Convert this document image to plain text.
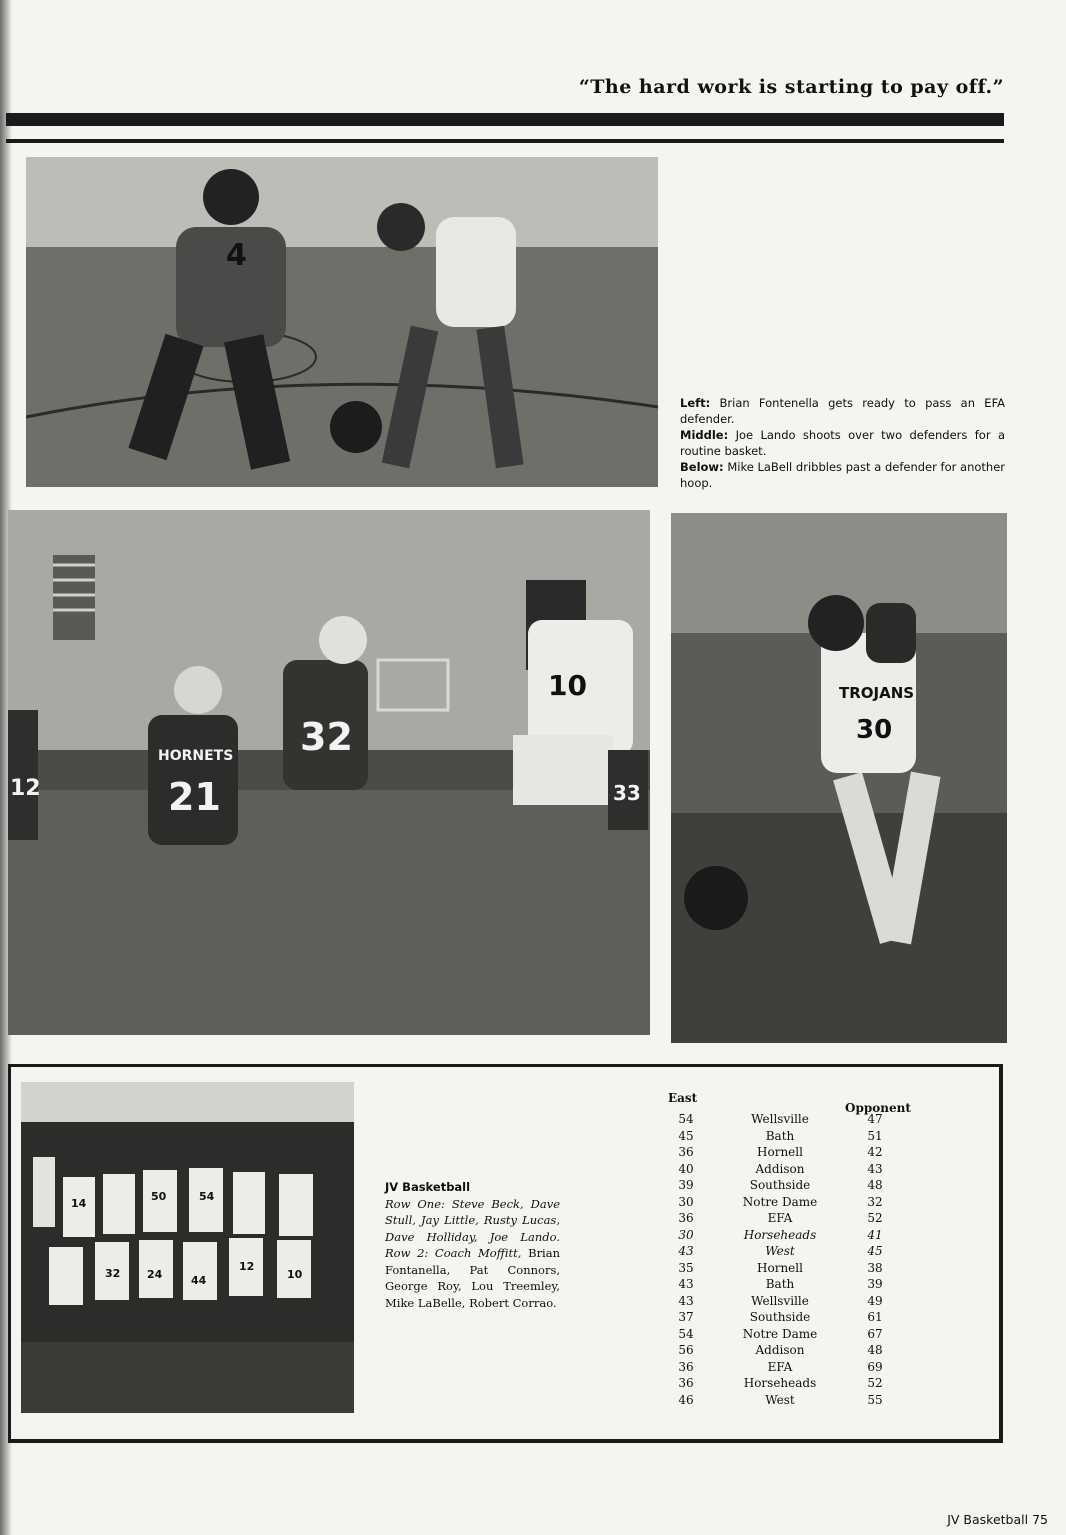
“The hard work is starting to pay off.”
4

Left: Brian Fontenella gets ready to pass an EFA defender.

Middle: Joe Lando shoots over two defenders for a routine basket.

Below: Mike LaBell dribbles past a defender for another hoop.

21
32
10
12	33
HORNETS
30
TROJANS
14
50	54
32 24	44
12
10
JV Basketball
Row One: Steve Beck, Dave Stull, Jay Little, Rusty Lucas, Dave Holliday, Joe Lando. Row 2: Coach Moffitt, Brian Fontanella, Pat Connors, George Roy, Lou Treemley, Mike LaBelle, Robert Corrao.
East
Opponent
54	Wellsville	47
45	Bath	51
36	Hornell	42
40	Addison	43
39	Southside	48
30	Notre Dame	32
36	EFA	52
30	Horseheads	41
43	West	45
35	Hornell	38
43	Bath	39
43	Wellsville	49
37	Southside	61
54	Notre Dame	67
56	Addison	48
36	EFA	69
36	Horseheads	52
46	West	55
JV Basketball 75
